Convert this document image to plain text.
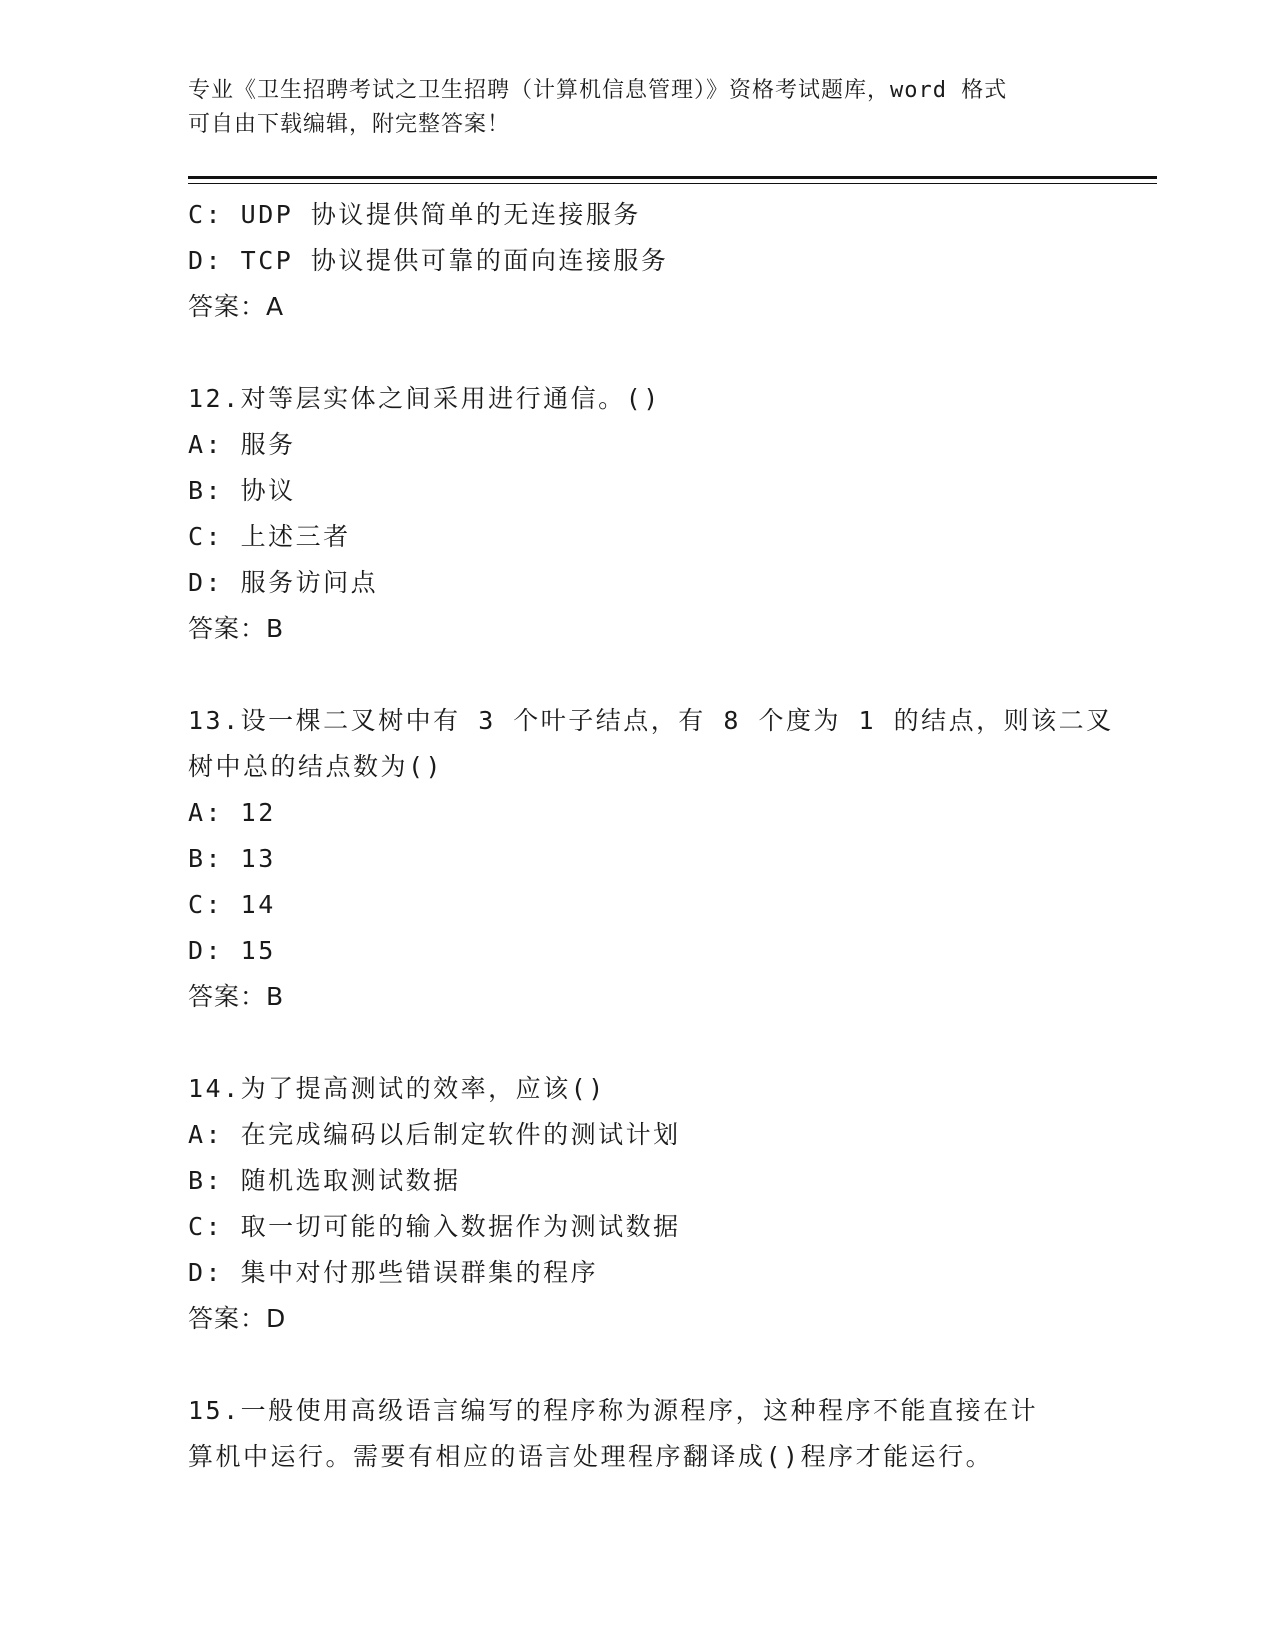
专业《卫生招聘考试之卫生招聘（计算机信息管理）》资格考试题库，word 格式
可自由下载编辑，附完整答案！
C: UDP 协议提供简单的无连接服务
D: TCP 协议提供可靠的面向连接服务
答案：A
12.对等层实体之间采用进行通信。()
A: 服务
B: 协议
C: 上述三者
D: 服务访问点
答案：B
13.设一棵二叉树中有 3 个叶子结点，有 8 个度为 1 的结点，则该二叉
树中总的结点数为()
A: 12
B: 13
C: 14
D: 15
答案：B
14.为了提高测试的效率，应该()
A: 在完成编码以后制定软件的测试计划
B: 随机选取测试数据
C: 取一切可能的输入数据作为测试数据
D: 集中对付那些错误群集的程序
答案：D
15.一般使用高级语言编写的程序称为源程序，这种程序不能直接在计
算机中运行。需要有相应的语言处理程序翻译成()程序才能运行。
